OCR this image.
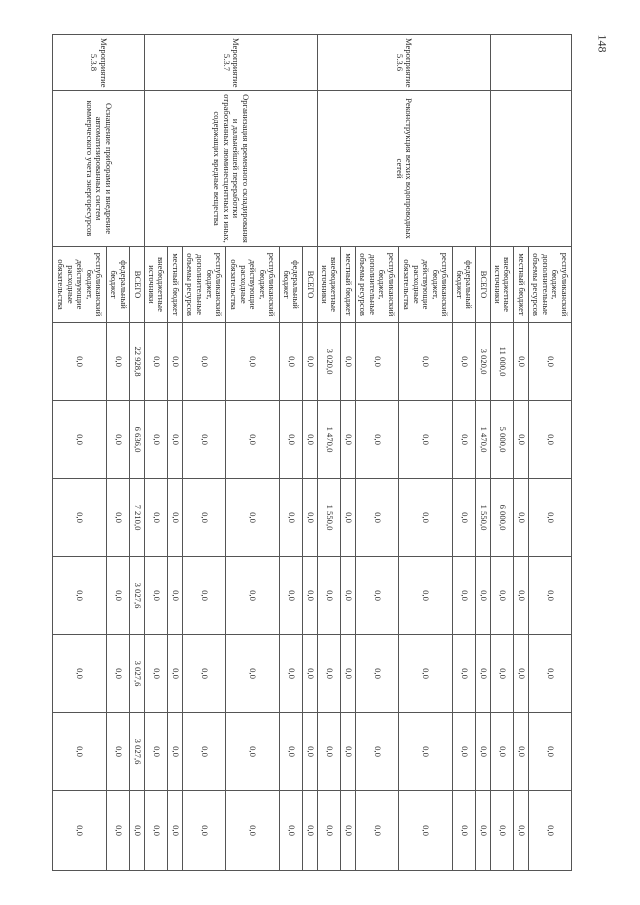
148
		республиканский бюджет, дополнительные объемы ресурсов	0,0	0,0	0,0	0,0	0,0	0,0	0,0
		местный бюджет	0,0	0,0	0,0	0,0	0,0	0,0	0,0
		внебюджетные источники	11 000,0	5 000,0	6 000,0	0,0	0,0	0,0	0,0
Мероприятие 5.3.6	Реконструкция ветхих водопроводных сетей	ВСЕГО	3 020,0	1 470,0	1 550,0	0,0	0,0	0,0	0,0
		федеральный бюджет	0,0	0,0	0,0	0,0	0,0	0,0	0,0
		республиканский бюджет, действующие расходные обязательства	0,0	0,0	0,0	0,0	0,0	0,0	0,0
		республиканский бюджет, дополнительные объемы ресурсов	0,0	0,0	0,0	0,0	0,0	0,0	0,0
		местный бюджет	0,0	0,0	0,0	0,0	0,0	0,0	0,0
		внебюджетные источники	3 020,0	1 470,0	1 550,0	0,0	0,0	0,0	0,0
Мероприятие 5.3.7	Организация временного складирования и дальнейшей переработки отработанных люминесцентных и иных, содержащих вредные вещества	ВСЕГО	0,0	0,0	0,0	0,0	0,0	0,0	0,0
		федеральный бюджет	0,0	0,0	0,0	0,0	0,0	0,0	0,0
		республиканский бюджет, действующие расходные обязательства	0,0	0,0	0,0	0,0	0,0	0,0	0,0
		республиканский бюджет, дополнительные объемы ресурсов	0,0	0,0	0,0	0,0	0,0	0,0	0,0
		местный бюджет	0,0	0,0	0,0	0,0	0,0	0,0	0,0
		внебюджетные источники	0,0	0,0	0,0	0,0	0,0	0,0	0,0
Мероприятие 5.3.8	Оснащение приборами и внедрение автоматизированных систем коммерческого учета энергоресурсов	ВСЕГО	22 928,8	6 636,0	7 210,0	3 027,6	3 027,6	3 027,6	0,0
		федеральный бюджет	0,0	0,0	0,0	0,0	0,0	0,0	0,0
		республиканский бюджет, действующие расходные обязательства	0,0	0,0	0,0	0,0	0,0	0,0	0,0
